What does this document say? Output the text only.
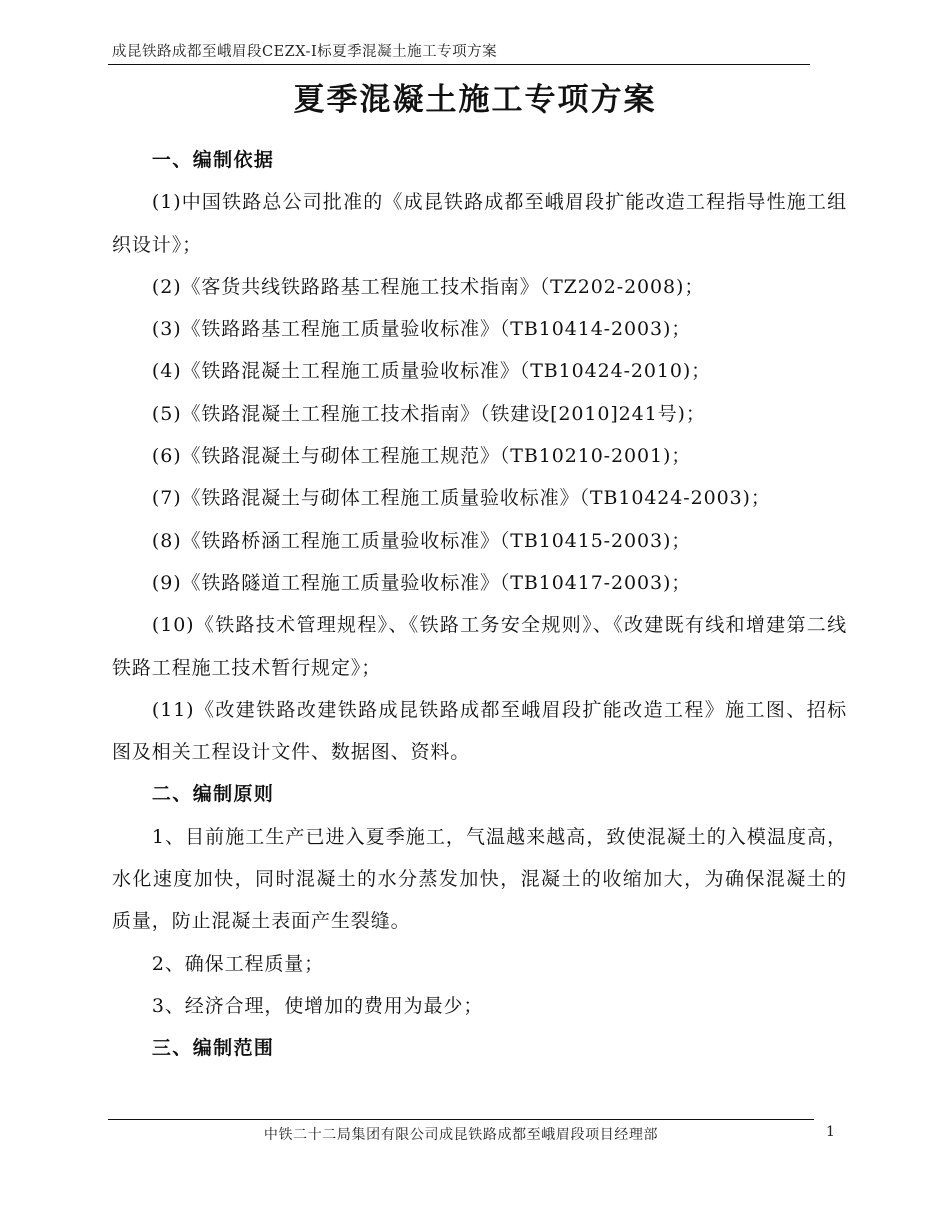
成昆铁路成都至峨眉段CEZX-I标夏季混凝土施工专项方案
夏季混凝土施工专项方案

一、编制依据

(1)中国铁路总公司批准的《成昆铁路成都至峨眉段扩能改造工程指导性施工组织设计》；

(2)《客货共线铁路路基工程施工技术指南》（TZ202-2008)；

(3)《铁路路基工程施工质量验收标准》（TB10414-2003)；

(4)《铁路混凝土工程施工质量验收标准》（TB10424-2010)；

(5)《铁路混凝土工程施工技术指南》（铁建设[2010]241号)；

(6)《铁路混凝土与砌体工程施工规范》（TB10210-2001)；

(7)《铁路混凝土与砌体工程施工质量验收标准》（TB10424-2003)；

(8)《铁路桥涵工程施工质量验收标准》（TB10415-2003)；

(9)《铁路隧道工程施工质量验收标准》（TB10417-2003)；

(10)《铁路技术管理规程》、《铁路工务安全规则》、《改建既有线和增建第二线铁路工程施工技术暂行规定》；

(11)《改建铁路改建铁路成昆铁路成都至峨眉段扩能改造工程》施工图、招标图及相关工程设计文件、数据图、资料。

二、编制原则

1、目前施工生产已进入夏季施工，气温越来越高，致使混凝土的入模温度高，水化速度加快，同时混凝土的水分蒸发加快，混凝土的收缩加大，为确保混凝土的质量，防止混凝土表面产生裂缝。

2、确保工程质量；

3、经济合理，使增加的费用为最少；

三、编制范围

中铁二十二局集团有限公司成昆铁路成都至峨眉段项目经理部	1
